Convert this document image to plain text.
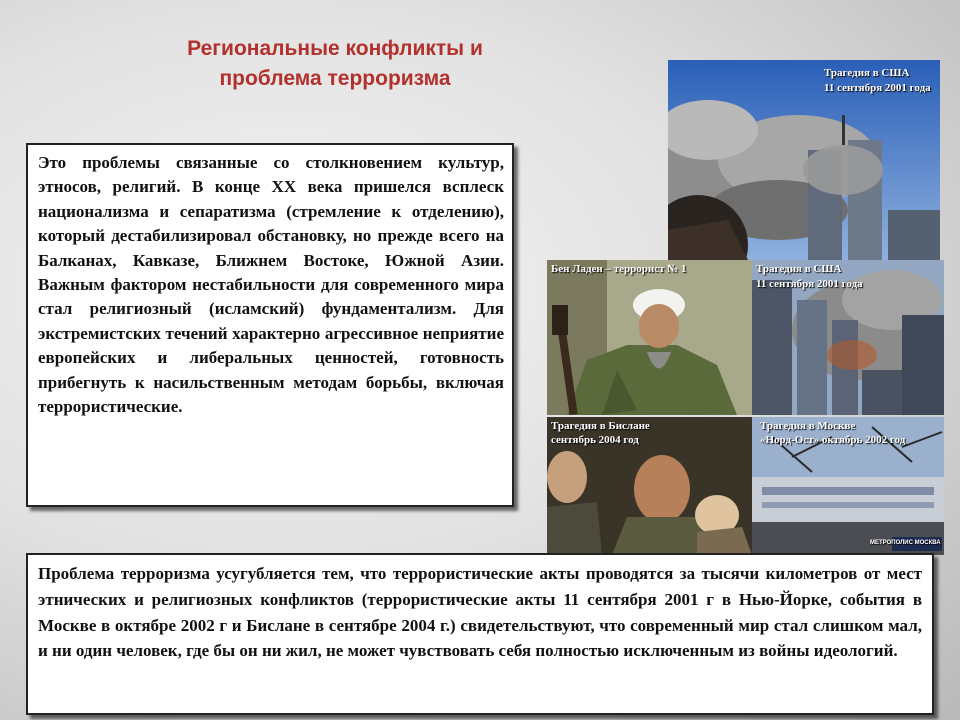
Региональные конфликты и
проблема терроризма
Это проблемы связанные со столкновением культур, этносов, религий. В конце XX века пришелся всплеск национализма и сепаратизма (стремление к отделению), который дестабилизировал обстановку, но прежде всего на Балканах, Кавказе, Ближнем Востоке, Южной Азии. Важным фактором нестабильности для современного мира стал религиозный (исламский) фундаментализм. Для экстремистских течений характерно агрессивное неприятие европейских и либеральных ценностей, готовность прибегнуть к насильственным методам борьбы, включая террористические.
Трагедия в США
11 сентября 2001 года
Бен Ладен – террорист № 1	Трагедия в США
11 сентября 2001 года
Трагедия в Бислане
сентябрь 2004 год
Трагедия в Москве
«Норд-Ост» октябрь 2002 год
МЕТРОПОЛИС МОСКВА
Проблема терроризма усугубляется тем, что террористические акты проводятся за тысячи километров от мест этнических и религиозных конфликтов (террористические акты 11 сентября 2001 г в Нью-Йорке, события в Москве в октябре 2002 г и Бислане в сентябре 2004 г.) свидетельствуют, что современный мир стал слишком мал, и ни один человек, где бы он ни жил, не может чувствовать себя полностью исключенным из войны идеологий.
